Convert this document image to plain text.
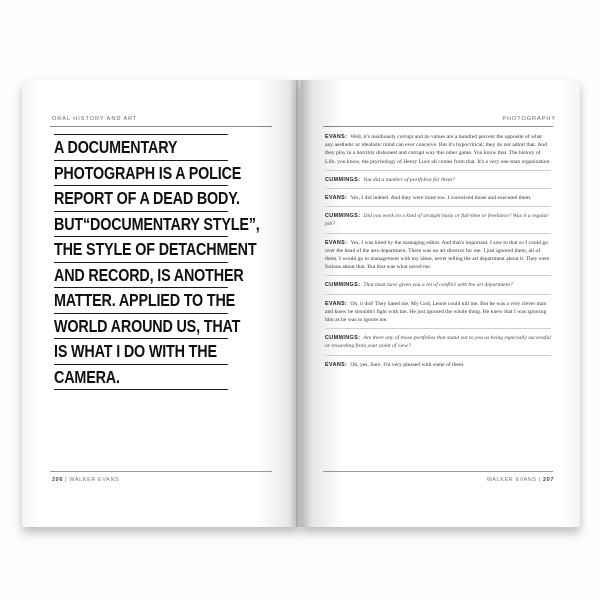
ORAL HISTORY AND ART
A DOCUMENTARY
PHOTOGRAPH IS A POLICE
REPORT OF A DEAD BODY.
BUT“DOCUMENTARY STYLE”,
THE STYLE OF DETACHMENT
AND RECORD, IS ANOTHER
MATTER. APPLIED TO THE
WORLD AROUND US, THAT
IS WHAT I DO WITH THE
CAMERA.
206 | WALKER EVANS
PHOTOGRAPHY
EVANS: Well, it's insidiously corrupt and its values are a hundred percent the opposite of what any aesthetic or idealistic mind can ever conceive. But it's hypocritical; they do not admit that. And they play in a horribly dishonest and corrupt way this other game. You know that. The history of Life, you know, the psychology of Henry Luce all comes from that. It's a very one-man organization.
CUMMINGS: You did a number of portfolios for them?
EVANS: Yes, I did indeed. And they were mine too. I conceived those and executed them.
CUMMINGS: Did you work on a kind of straight basis or full-time or freelance? Was it a regular job?
EVANS: Yes, I was hired by the managing editor. And that's important. I saw to that so I could go over the head of the arts department. There was no art director for me. I just ignored them, all of them. I would go to management with my ideas, never telling the art department about it. They were furious about that. But that was what saved me.
CUMMINGS: That must have given you a lot of conflict with the art department?
EVANS: Oh, it did! They hated me. My God, Leone could kill me. But he was a very clever man and knew he shouldn't fight with me. He just ignored the whole thing. He knew that I was ignoring him as he was to ignore me.
CUMMINGS: Are there any of those portfolios that stand out to you as being especially successful or rewarding from your point of view?
EVANS: Oh, yes. Sure. I'm very pleased with some of them.
WALKER EVANS | 207
